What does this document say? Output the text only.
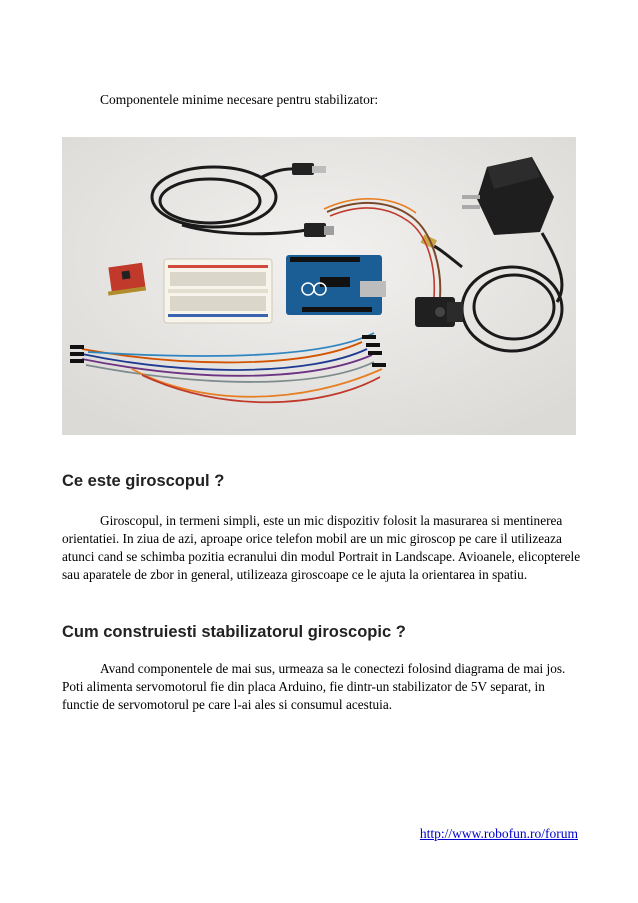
Componentele minime necesare pentru stabilizator:

Ce este giroscopul ?

Giroscopul, in termeni simpli, este un mic dispozitiv folosit la masurarea si mentinerea orientatiei. In ziua de azi, aproape orice telefon mobil are un mic giroscop pe care il utilizeaza atunci cand se schimba pozitia ecranului din modul Portrait in Landscape. Avioanele, elicopterele sau aparatele de zbor in general, utilizeaza giroscoape ce le ajuta la orientarea in spatiu.

Cum construiesti stabilizatorul giroscopic ?

Avand componentele de mai sus, urmeaza sa le conectezi folosind diagrama de mai jos. Poti alimenta servomotorul fie din placa Arduino, fie dintr-un stabilizator de 5V separat, in functie de servomotorul pe care l-ai ales si consumul acestuia.

http://www.robofun.ro/forum
